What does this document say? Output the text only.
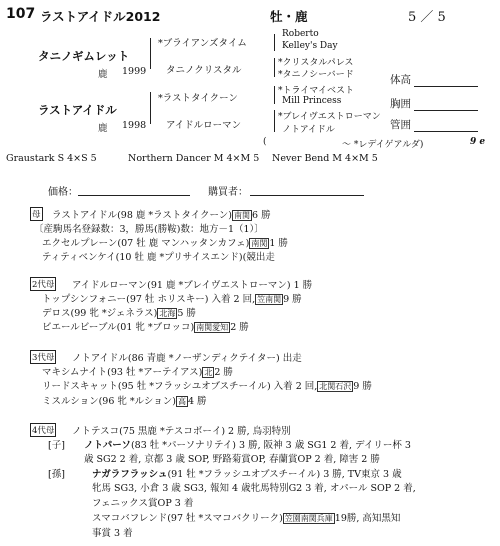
107 ラストアイドル2012	牡・鹿	5 ／ 5
タニノギムレット
鹿 1999
*ブライアンズタイム
タニノクリスタル
Roberto
Kelley's Day
*クリスタルパレス
*タニノシーバード
ラストアイドル
鹿 1998
*ラストタイクーン
アイドルローマン
*トライマイベスト
Mill Princess
*ブレイヴエストローマン
ノトアイドル
(	～ *レデイゲアルダ)	9 e
体高
胸囲
管囲
Graustark S 4×S 5	Northern Dancer M 4×M 5 Never Bend M 4×M 5
価格：	購買者：
母 ラストアイドル(98 鹿 *ラストタイクーン) 南関 6 勝
〔産駒馬名登録数：3，勝馬(勝鞍)数：地方－1（1）〕
エクセルプレーン(07 牡 鹿 マンハッタンカフェ) 南関 1 勝
ティティベンケイ(10 牡 鹿 *プリサイスエンド)(競出走
2代母 アイドルローマン(91 鹿 *ブレイヴエストローマン) 1 勝
トップシンフォニー(97 牡 ホリスキー) 入着 2 回, 笠南関 9 勝
デロス(99 牝 *ジェネラス) 北海 5 勝
ビエールビーブル(01 牝 *ブロッコ) 南関愛知 2 勝
3代母 ノトアイドル(86 青鹿 *ノーザンディクテイター) 出走
マキシムナイト(93 牡 *アーテイアス) 北 2 勝
リードスキャット(95 牡 *フラッシユオブスチーイル) 入着 2 回, 北関石沢 9 勝
ミスルション(96 牝 *ルション) 高 4 勝
4代母 ノトテスコ(75 黒鹿 *テスコボーイ) 2 勝, 烏羽特別
[子] ノトパーソ(83 牡 *パーソナリテイ) 3 勝, 阪神 3 歳 SG1 2 着, デイリー杯 3
歳 SG2 2 着, 京都 3 歳 SOP, 野路菊賞OP, 春蘭賞OP 2 着, 障害 2 勝
[孫]	ナガラフラッシュ(91 牡 *フラッシユオブスチーイル) 3 勝, TV東京 3 歳
牝馬 SG3, 小倉 3 歳 SG3, 報知 4 歳牝馬特別G2 3 着, オパール SOP 2 着,
フェニックス賞OP 3 着
スマコバフレンド(97 牡 *スマコバクリーク) 笠園南関兵庫 19勝, 高知黒知
事賞 3 着
